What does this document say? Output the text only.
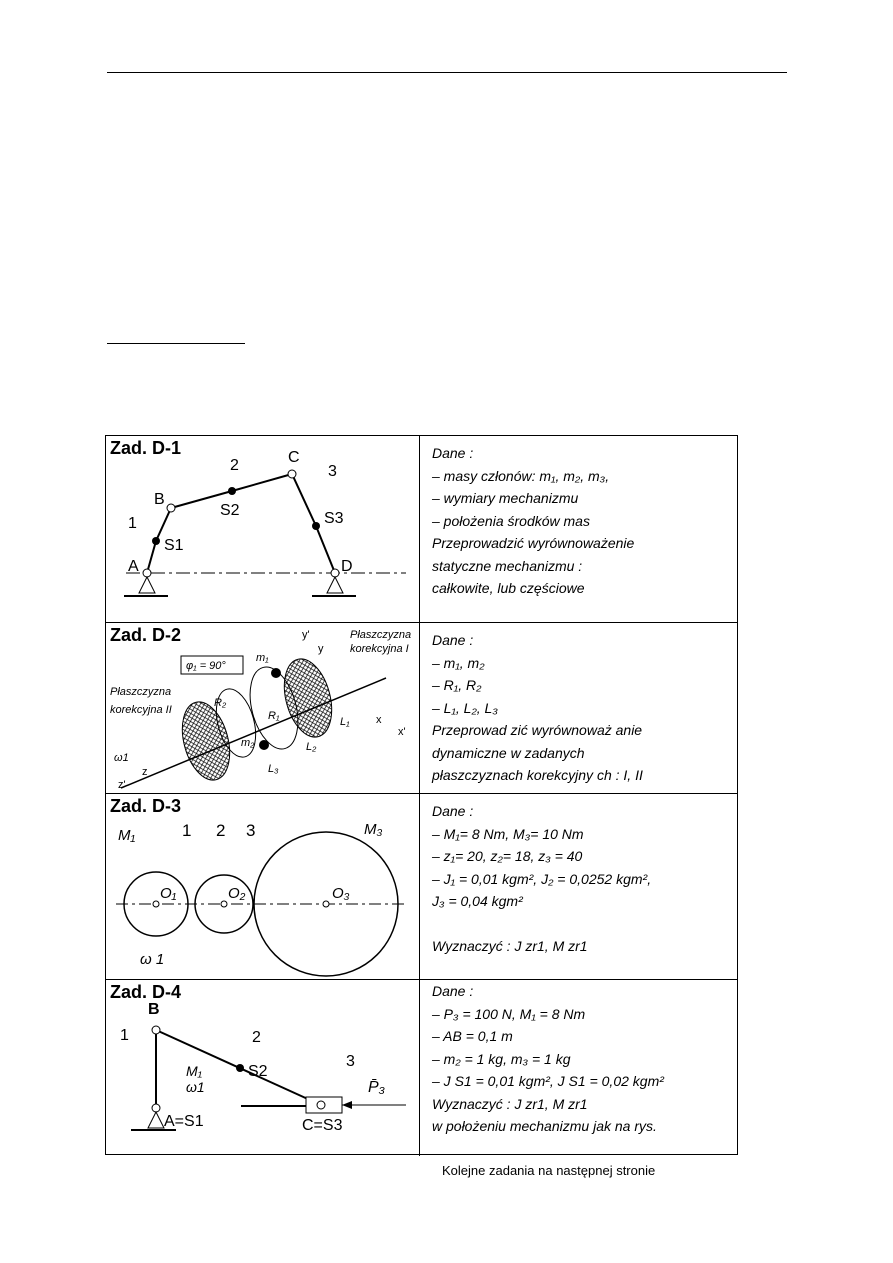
Zad. D-1
A
B
C
D
S1
S2	S3
1
2	3
Dane :
– masy członów: m₁, m₂, m₃,
– wymiary mechanizmu
– położenia środków mas
Przeprowadzić wyrównoważenie
statyczne mechanizmu :
całkowite, lub częściowe
Zad. D-2
φ₁ = 90°
m₁
m₂
R₂
R₁	L₁
L₂
L₃
Płaszczyzna
korekcyjna I
Płaszczyzna
korekcyjna II
ω1
x
x'
y
y'
z
z'
Dane :
– m₁, m₂
– R₁, R₂
– L₁, L₂, L₃
Przeprowad zić wyrównoważ anie
dynamiczne w zadanych
płaszczyznach korekcyjny ch : I, II
Zad. D-3
M₁	M₃
1 2 3
O₁	O₂	O₃
ω 1
Dane :
– M₁= 8 Nm, M₃= 10 Nm
– z₁= 20, z₂= 18, z₃ = 40
– J₁ = 0,01 kgm², J₂ = 0,0252 kgm²,
J₃ = 0,04 kgm²
Wyznaczyć : J zr1, M zr1
Zad. D-4
B
1	2
3
S2
M₁
ω1
A=S1	C=S3
P̄₃
Dane :
– P₃ = 100 N, M₁ = 8 Nm
– AB = 0,1 m
– m₂ = 1 kg, m₃ = 1 kg
– J S1 = 0,01 kgm², J S1 = 0,02 kgm²
Wyznaczyć : J zr1, M zr1
w położeniu mechanizmu jak na rys.
Kolejne zadania na następnej stronie
